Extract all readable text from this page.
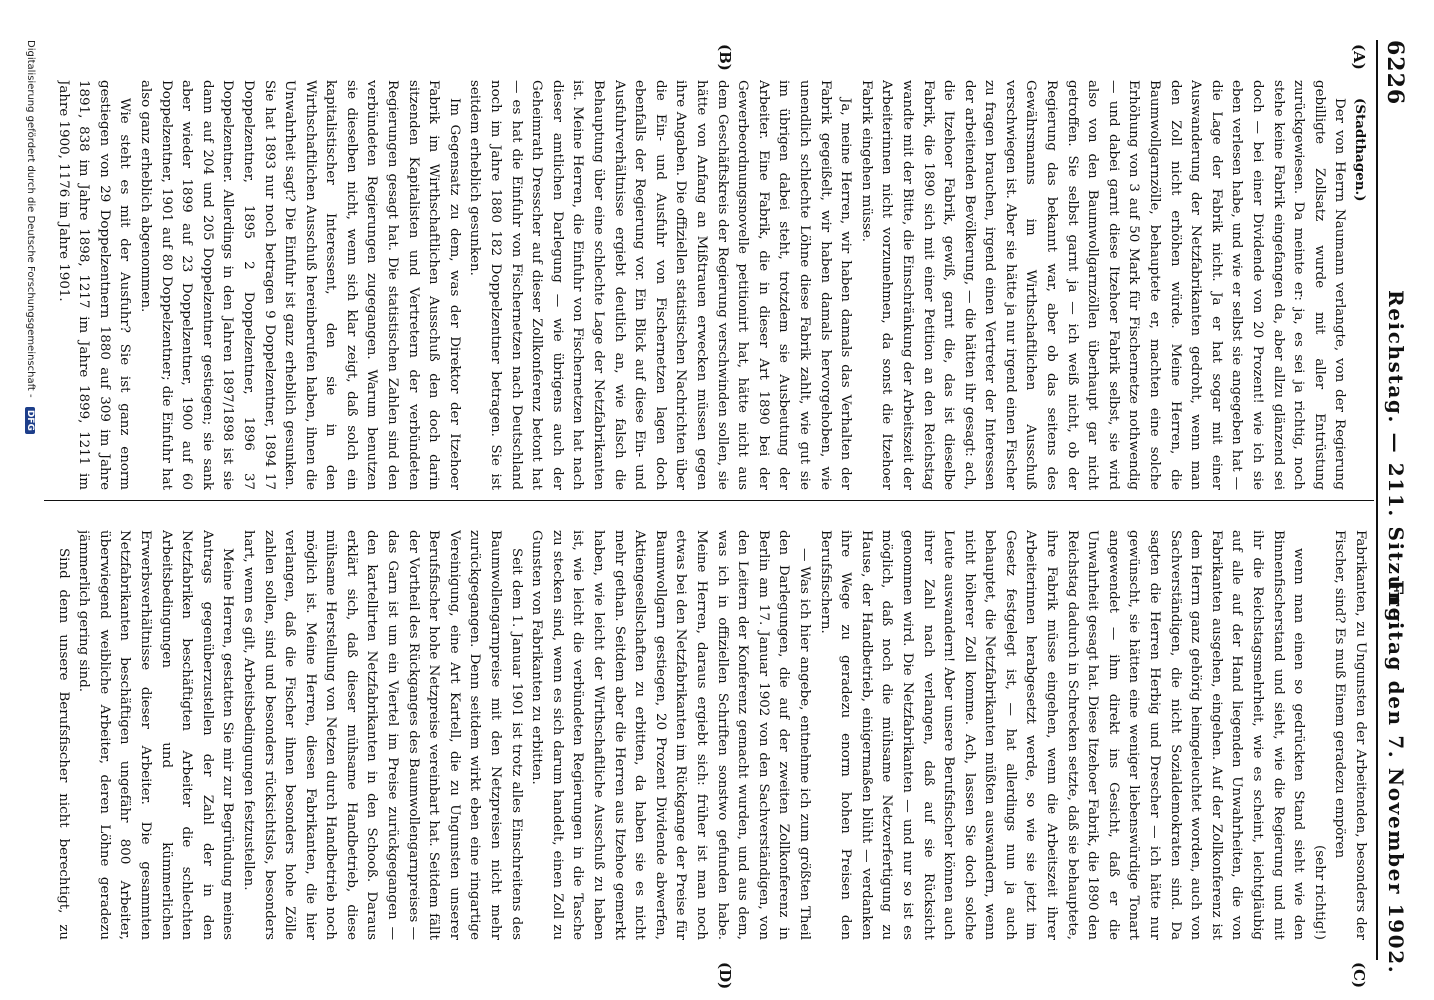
6226
Reichstag. — 211. Sitzung.
Freitag den 7. November 1902.
(A)
(B)
(C)
(D)

(Stadthagen.)

Der von Herrn Naumann verlangte, von der Regierung gebilligte Zollsatz wurde mit aller Entrüstung zurückgewiesen. Da meinte er: ja, es sei ja richtig, noch stehe keine Fabrik eingefangen da, aber allzu glänzend sei doch — bei einer Dividende von 20 Prozent! wie ich sie eben verlesen habe, und wie er selbst sie angegeben hat — die Lage der Fabrik nicht. Ja er hat sogar mit einer Auswanderung der Netzfabrikanten gedroht, wenn man den Zoll nicht erhöhen würde. Meine Herren, die Baumwollgarnzölle, behauptete er, machten eine solche Erhöhung von 3 auf 50 Mark für Fischernetze nothwendig — und dabei garnt diese Itzehoer Fabrik selbst, sie wird also von den Baumwollgarnzöllen überhaupt gar nicht getroffen. Sie selbst garnt ja — ich weiß nicht, ob der Regierung das bekannt war, aber ob das seitens des Gewährsmanns im Wirthschaftlichen Ausschuß verschwiegen ist. Aber sie hätte ja nur irgend einen Fischer zu fragen brauchen, irgend einen Vertreter der Interessen der arbeitenden Bevölkerung, — die hätten ihr gesagt: ach, die Itzehoer Fabrik, gewiß, garnt die, das ist dieselbe Fabrik, die 1890 sich mit einer Petition an den Reichstag wandte mit der Bitte, die Einschränkung der Arbeitszeit der Arbeiterinnen nicht vorzunehmen, da sonst die Itzehoer Fabrik eingehen müsse.

Ja, meine Herren, wir haben damals das Verhalten der Fabrik gegeißelt, wir haben damals hervorgehoben, wie unendlich schlechte Löhne diese Fabrik zahlt, wie gut sie im übrigen dabei steht, trotzdem sie Ausbeutung der Arbeiter. Eine Fabrik, die in dieser Art 1890 bei der Gewerbeordnungsnovelle petitionirt hat, hätte nicht aus dem Geschäftskreis der Regierung verschwinden sollen, sie hätte von Anfang an Mißtrauen erwecken müssen gegen ihre Angaben. Die offiziellen statistischen Nachrichten über die Ein- und Ausfuhr von Fischernetzen lagen doch ebenfalls der Regierung vor. Ein Blick auf diese Ein- und Ausfuhrverhältnisse ergiebt deutlich an, wie falsch die Behauptung über eine schlechte Lage der Netzfabrikanten ist. Meine Herren, die Einfuhr von Fischernetzen hat nach dieser amtlichen Darlegung — wie übrigens auch der Geheimrath Dresscher auf dieser Zollkonferenz betont hat — es hat die Einfuhr von Fischernetzen nach Deutschland noch im Jahre 1880 182 Doppelzentner betragen. Sie ist seitdem erheblich gesunken.

Im Gegensatz zu dem, was der Direktor der Itzehoer Fabrik im Wirthschaftlichen Ausschuß den doch darin sitzenden Kapitalisten und Vertretern der verbündeten Regierungen gesagt hat. Die statistischen Zahlen sind den verbündeten Regierungen zugegangen. Warum benutzen sie dieselben nicht, wenn sich klar zeigt, daß solch ein kapitalistischer Interessent, den sie in den Wirthschaftlichen Ausschuß hereinberufen haben, ihnen die Unwahrheit sagt? Die Einfuhr ist ganz erheblich gesunken. Sie hat 1893 nur noch betragen 9 Doppelzentner, 1894 17 Doppelzentner, 1895 2 Doppelzentner, 1896 37 Doppelzentner. Allerdings in den Jahren 1897/1898 ist sie dann auf 204 und 205 Doppelzentner gestiegen; sie sank aber wieder 1899 auf 23 Doppelzentner, 1900 auf 60 Doppelzentner, 1901 auf 80 Doppelzentner; die Einfuhr hat also ganz erheblich abgenommen.

Wie steht es mit der Ausfuhr? Sie ist ganz enorm gestiegen von 29 Doppelzentnern 1880 auf 309 im Jahre 1891, 838 im Jahre 1898, 1217 im Jahre 1899, 1211 im Jahre 1900, 1176 im Jahre 1901.

Fabrikanten, zu Ungunsten der Arbeitenden, besonders der Fischer, sind? Es muß Einem geradezu empören

(sehr richtig!)

wenn man einen so gedrückten Stand sieht wie den Binnenfischerstand und sieht, wie die Regierung und mit ihr die Reichstagsmehrheit, wie es scheint, leichtgläubig auf alle auf der Hand liegenden Unwahrheiten, die von Fabrikanten ausgehen, eingehen. Auf der Zollkonferenz ist dem Herrn ganz gehörig heimgeleuchtet worden, auch von Sachverständigen, die nicht Sozialdemokraten sind. Da sagten die Herren Herbig und Drescher — ich hätte nur gewünscht, sie hätten eine weniger liebenswürdige Tonart angewendet — ihm direkt ins Gesicht, daß er die Unwahrheit gesagt hat. Diese Itzehoer Fabrik, die 1890 den Reichstag dadurch in Schrecken setzte, daß sie behauptete, ihre Fabrik müsse eingehen, wenn die Arbeitszeit ihrer Arbeiterinnen herabgesetzt werde, so wie sie jetzt im Gesetz festgelegt ist, — hat allerdings nun ja auch behauptet, die Netzfabrikanten müßten auswandern, wenn nicht höherer Zoll komme. Ach, lassen Sie doch solche Leute auswandern! Aber unsere Berufsfischer können auch ihrer Zahl nach verlangen, daß auf sie Rücksicht genommen wird. Die Netzfabrikanten — und nur so ist es möglich, daß noch die mühsame Netzverfertigung zu Hause, der Handbetrieb, einigermaßen blüht — verdanken ihre Wege zu geradezu enorm hohen Preisen den Berufsfischern.

— Was ich hier angebe, entnehme ich zum größten Theil den Darlegungen, die auf der zweiten Zollkonferenz in Berlin am 17. Januar 1902 von den Sachverständigen, von den Leitern der Konferenz gemacht wurden, und aus dem, was ich in offiziellen Schriften sonstwo gefunden habe. Meine Herren, daraus ergiebt sich: früher ist man noch etwas bei den Netzfabrikanten im Rückgange der Preise für Baumwollgarn gestiegen, 20 Prozent Dividende abwerfen, Aktiengesellschaften zu erbitten, da haben sie es nicht mehr gethan. Seitdem aber die Herren aus Itzehoe gemerkt haben, wie leicht der Wirthschaftliche Ausschuß zu haben ist, wie leicht die verbündeten Regierungen in die Tasche zu stecken sind, wenn es sich darum handelt, einen Zoll zu Gunsten von Fabrikanten zu erbitten.

Seit dem 1. Januar 1901 ist trotz alles Einschreitens des Baumwollengarnpreise mit den Netzpreisen nicht mehr zurückgegangen. Denn seitdem wirkt eben eine ringartige Vereinigung, eine Art Kartell, die zu Ungunsten unserer Berufsfischer hohe Netzpreise vereinbart hat. Seitdem fällt der Vortheil des Rückganges des Baumwollengarnpreises — das Garn ist um ein Viertel im Preise zurückgegangen — den kartellirten Netzfabrikanten in den Schooß. Daraus erklärt sich, daß dieser mühsame Handbetrieb, diese mühsame Herstellung von Netzen durch Handbetrieb noch möglich ist. Meine Herren, diesen Fabrikanten, die hier verlangen, daß die Fischer ihnen besonders hohe Zölle zahlen sollen, sind und besonders rücksichtslos, besonders hart, wenn es gilt, Arbeitsbedingungen festzustellen.

Meine Herren, gestatten Sie mir zur Begründung meines Antrags gegenüberzustellen der Zahl der in den Netzfabriken beschäftigten Arbeiter die schlechten Arbeitsbedingungen und kümmerlichen Erwerbsverhältnisse dieser Arbeiter. Die gesammten Netzfabrikanten beschäftigen ungefähr 800 Arbeiter, überwiegend weibliche Arbeiter, deren Löhne geradezu jämmerlich gering sind.

Sind denn unsere Berufsfischer nicht berechtigt, zu

Digitalisierung gefördert durch die Deutsche Forschungsgemeinschaft - DFG
